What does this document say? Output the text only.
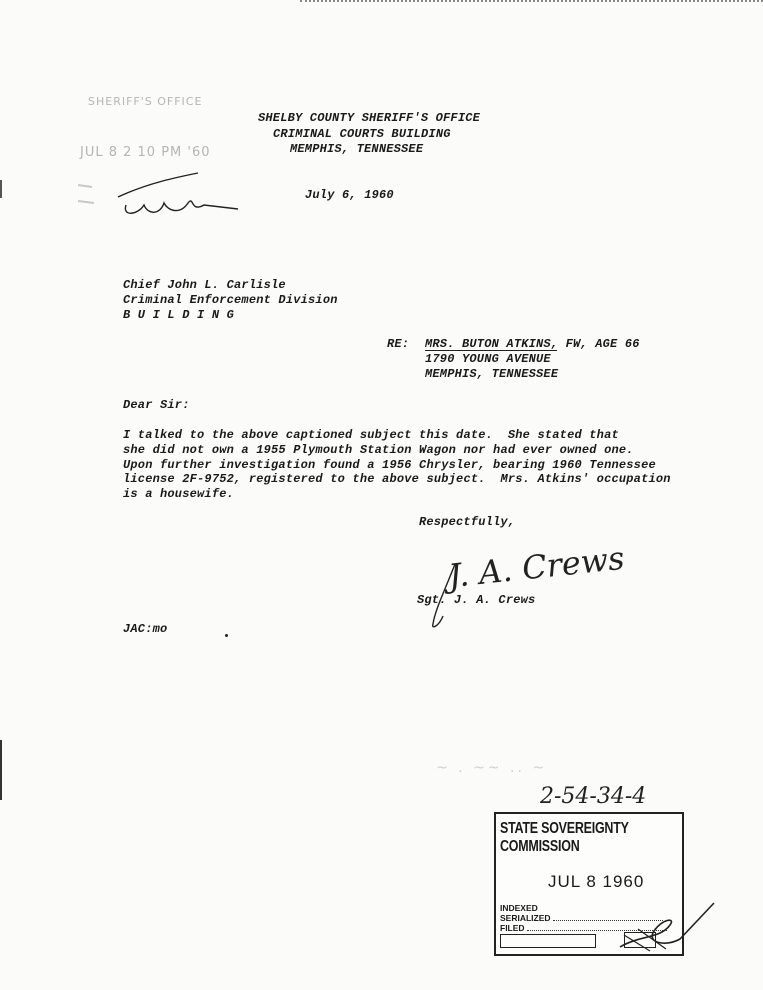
SHERIFF'S OFFICE
JUL 8 2 10 PM '60
SHELBY COUNTY SHERIFF'S OFFICE
CRIMINAL COURTS BUILDING
MEMPHIS, TENNESSEE
July 6, 1960
Chief John L. Carlisle
Criminal Enforcement Division
B U I L D I N G
RE: MRS. BUTON ATKINS, FW, AGE 66
1790 YOUNG AVENUE
MEMPHIS, TENNESSEE
Dear Sir:
I talked to the above captioned subject this date.  She stated that
she did not own a 1955 Plymouth Station Wagon nor had ever owned one.
Upon further investigation found a 1956 Chrysler, bearing 1960 Tennessee
license 2F-9752, registered to the above subject.  Mrs. Atkins' occupation
is a housewife.
Respectfully,
J. A. Crews
Sgt. J. A. Crews
JAC:mo
~ . ~~ .. ~
2-54-34-4
STATE SOVEREIGNTY COMMISSION
JUL 8 1960
INDEXED
SERIALIZED
FILED
